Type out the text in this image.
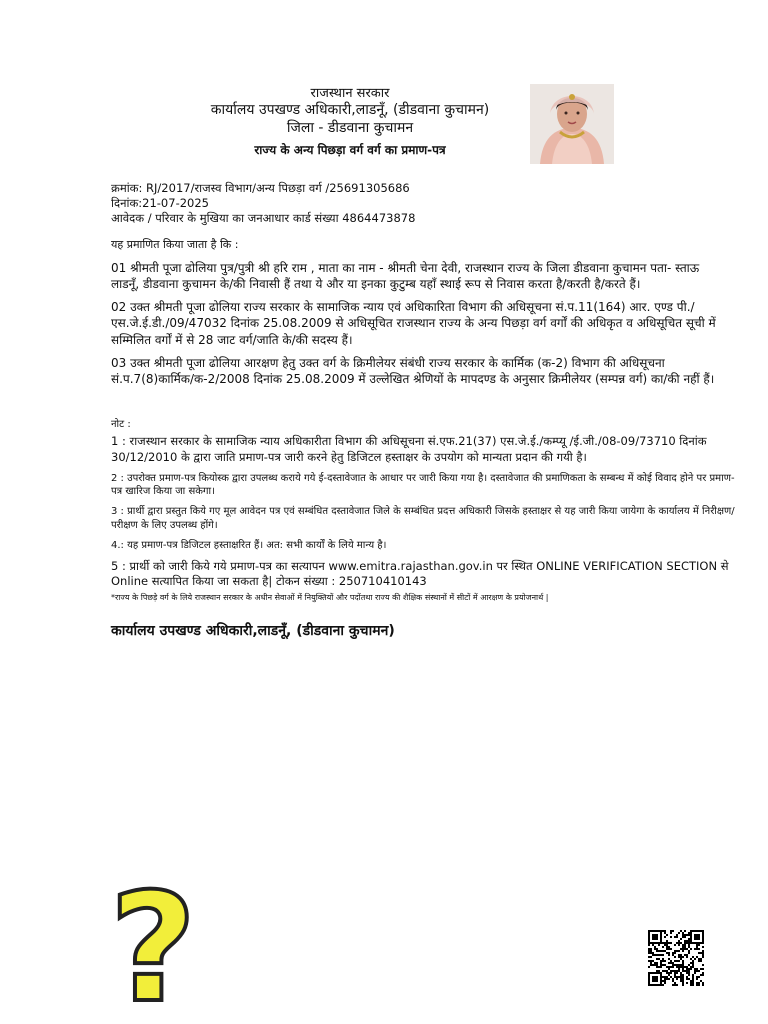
राजस्थान सरकार
कार्यालय उपखण्ड अधिकारी,लाडनूँ, (डीडवाना कुचामन)
जिला - डीडवाना कुचामन
राज्य के अन्य पिछड़ा वर्ग वर्ग का प्रमाण-पत्र
क्रमांक: RJ/2017/राजस्व विभाग/अन्य पिछड़ा वर्ग /25691305686
दिनांक:21-07-2025
आवेदक / परिवार के मुखिया का जनआधार कार्ड संख्या 4864473878

यह प्रमाणित किया जाता है कि :

01 श्रीमती पूजा ढोलिया पुत्र/पुत्री श्री हरि राम , माता का नाम - श्रीमती चेना देवी, राजस्थान राज्य के जिला डीडवाना कुचामन पता- स्ताऊ लाडनूँ, डीडवाना कुचामन के/की निवासी हैं तथा ये और या इनका कुटुम्ब यहाँ स्थाई रूप से निवास करता है/करती है/करते हैं।

02 उक्त श्रीमती पूजा ढोलिया राज्य सरकार के सामाजिक न्याय एवं अधिकारिता विभाग की अधिसूचना सं.प.11(164) आर. एण्ड पी./एस.जे.ई.डी./09/47032 दिनांक 25.08.2009 से अधिसूचित राजस्थान राज्य के अन्य पिछड़ा वर्ग वर्गों की अधिकृत व अधिसूचित सूची में सम्मिलित वर्गों में से 28 जाट वर्ग/जाति के/की सदस्य हैं।

03 उक्त श्रीमती पूजा ढोलिया आरक्षण हेतु उक्त वर्ग के क्रिमीलेयर संबंधी राज्य सरकार के कार्मिक (क-2) विभाग की अधिसूचना सं.प.7(8)कार्मिक/क-2/2008 दिनांक 25.08.2009 में उल्लेखित श्रेणियों के मापदण्ड के अनुसार क्रिमीलेयर (सम्पन्न वर्ग) का/की नहीं हैं।

नोट :

1 : राजस्थान सरकार के सामाजिक न्याय अधिकारीता विभाग की अधिसूचना सं.एफ.21(37) एस.जे.ई./कम्प्यू /ई.जी./08-09/73710 दिनांक 30/12/2010 के द्वारा जाति प्रमाण-पत्र जारी करने हेतु डिजिटल हस्ताक्षर के उपयोग को मान्यता प्रदान की गयी है।

2 : उपरोक्त प्रमाण-पत्र कियोस्क द्वारा उपलब्ध कराये गये ई-दस्तावेजात के आधार पर जारी किया गया है। दस्तावेजात की प्रमाणिकता के सम्बन्ध में कोई विवाद होने पर प्रमाण-पत्र खारिज किया जा सकेगा।

3 : प्रार्थी द्वारा प्रस्तुत किये गए मूल आवेदन पत्र एवं सम्बंधित दस्तावेजात जिले के सम्बंधित प्रदत्त अधिकारी जिसके हस्ताक्षर से यह जारी किया जायेगा के कार्यालय में निरीक्षण/परीक्षण के लिए उपलब्ध होंगे।

4.: यह प्रमाण-पत्र डिजिटल हस्ताक्षरित हैं। अत: सभी कार्यों के लिये मान्य है।

5 : प्रार्थी को जारी किये गये प्रमाण-पत्र का सत्यापन www.emitra.rajasthan.gov.in पर स्थित ONLINE VERIFICATION SECTION से Online सत्यापित किया जा सकता है| टोकन संख्या : 250710410143

*राज्य के पिछड़े वर्ग के लिये राजस्थान सरकार के अधीन सेवाओं में नियुक्तियों और पदोंतथा राज्य की शैक्षिक संस्थानों में सीटों में आरक्षण के प्रयोजनार्थ |

कार्यालय उपखण्ड अधिकारी,लाडनूँ, (डीडवाना कुचामन)
?
